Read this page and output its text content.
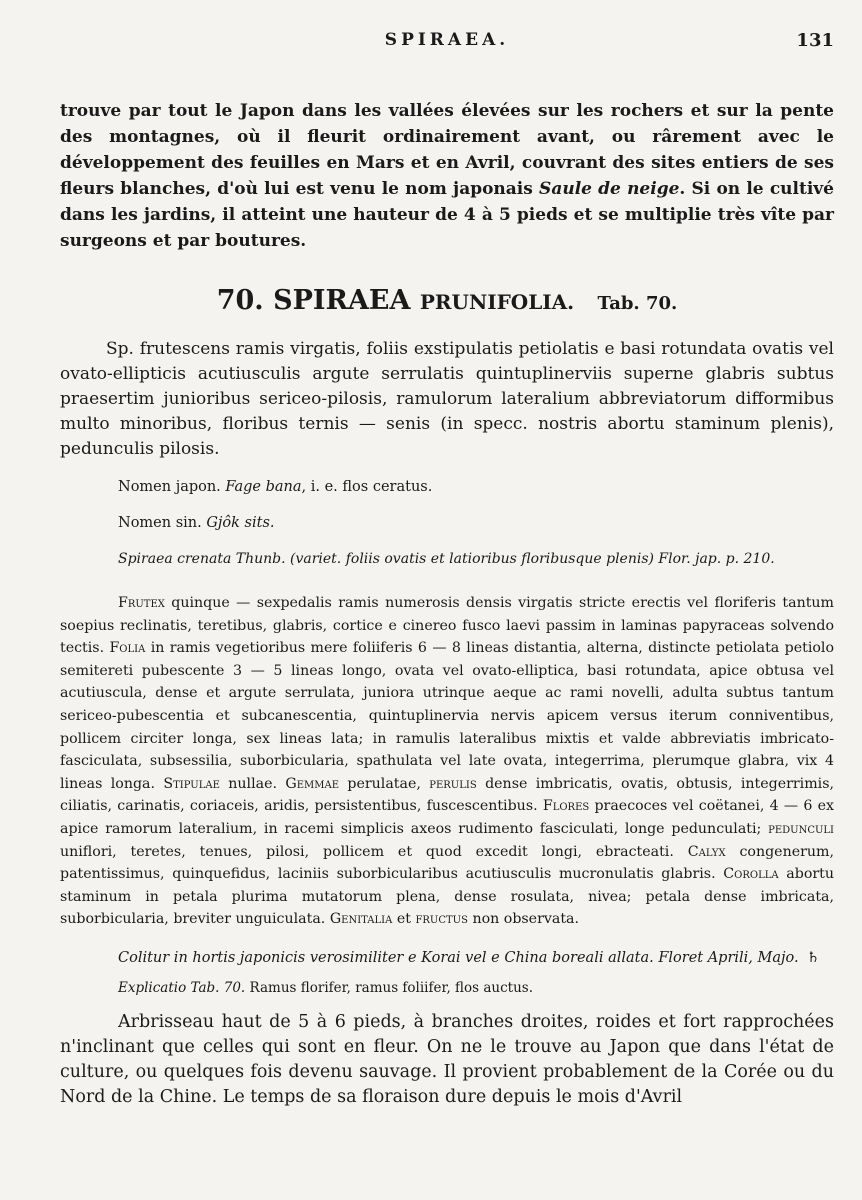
SPIRAEA.	131

trouve par tout le Japon dans les vallées élevées sur les rochers et sur la pente des montagnes, où il fleurit ordinairement avant, ou rârement avec le développement des feuilles en Mars et en Avril, couvrant des sites entiers de ses fleurs blanches, d'où lui est venu le nom japonais Saule de neige. Si on le cultivé dans les jardins, il atteint une hauteur de 4 à 5 pieds et se multiplie très vîte par surgeons et par boutures.

70. SPIRAEA PRUNIFOLIA. Tab. 70.

Sp. frutescens ramis virgatis, foliis exstipulatis petiolatis e basi rotundata ovatis vel ovato-ellipticis acutiusculis argute serrulatis quintuplinerviis superne glabris subtus praesertim junioribus sericeo-pilosis, ramulorum lateralium abbreviatorum difformibus multo minoribus, floribus ternis — senis (in specc. nostris abortu staminum plenis), pedunculis pilosis.

Nomen japon. Fage bana, i. e. flos ceratus.
Nomen sin. Gjôk sits.
Spiraea crenata Thunb. (variet. foliis ovatis et latioribus floribusque plenis) Flor. jap. p. 210.

Frutex quinque — sexpedalis ramis numerosis densis virgatis stricte erectis vel floriferis tantum soepius reclinatis, teretibus, glabris, cortice e cinereo fusco laevi passim in laminas papyraceas solvendo tectis. Folia in ramis vegetioribus mere foliiferis 6 — 8 lineas distantia, alterna, distincte petiolata petiolo semiteretі pubescente 3 — 5 lineas longo, ovata vel ovato-elliptica, basi rotundata, apice obtusa vel acutiuscula, dense et argute serrulata, juniora utrinque aeque ac rami novelli, adulta subtus tantum sericeo-pubescentia et subcanescentia, quintuplinervia nervis apicem versus iterum conniventibus, pollicem circiter longa, sex lineas lata; in ramulis lateralibus mixtis et valde abbreviatis imbricato-fasciculata, subsessilia, suborbicularia, spathulata vel late ovata, integerrima, plerumque glabra, vix 4 lineas longa. Stipulae nullae. Gemmae perulatae, perulis dense imbricatis, ovatis, obtusis, integerrimis, ciliatis, carinatis, coriaceis, aridis, persistentibus, fuscescentibus. Flores praecoces vel coëtanei, 4 — 6 ex apice ramorum lateralium, in racemi simplicis axeos rudimento fasciculati, longe pedunculati; pedunculi uniflori, teretes, tenues, pilosi, pollicem et quod excedit longi, ebracteati. Calyx congenerum, patentissimus, quinquefidus, laciniis suborbicularibus acutiusculis mucronulatis glabris. Corolla abortu staminum in petala plurima mutatorum plena, dense rosulata, nivea; petala dense imbricata, suborbicularia, breviter unguiculata. Genitalia et fructus non observata.

Colitur in hortis japonicis verosimiliter e Korai vel e China boreali allata. Floret Aprili, Majo. ♄

Explicatio Tab. 70. Ramus florifer, ramus foliifer, flos auctus.

Arbrisseau haut de 5 à 6 pieds, à branches droites, roides et fort rapprochées n'inclinant que celles qui sont en fleur. On ne le trouve au Japon que dans l'état de culture, ou quelques fois devenu sauvage. Il provient probablement de la Corée ou du Nord de la Chine. Le temps de sa floraison dure depuis le mois d'Avril
